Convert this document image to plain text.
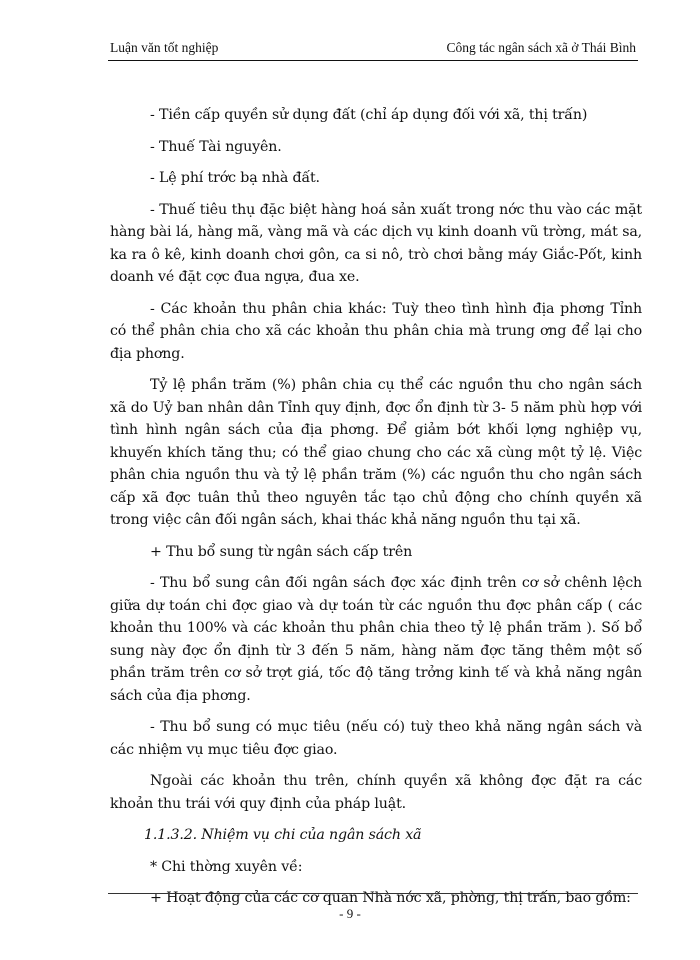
Luận văn tốt nghiệp	Công tác ngân sách xã ở Thái Bình

- Tiền cấp quyền sử dụng đất (chỉ áp dụng đối với xã, thị trấn)

- Thuế Tài nguyên.

- Lệ phí trớc bạ nhà đất.

- Thuế tiêu thụ đặc biệt hàng hoá sản xuất trong nớc thu vào các mặt hàng bài lá, hàng mã, vàng mã và các dịch vụ kinh doanh vũ trờng, mát sa, ka ra ô kê, kinh doanh chơi gôn, ca si nô, trò chơi bằng máy Giắc-Pốt, kinh doanh vé đặt cợc đua ngựa, đua xe.

- Các khoản thu phân chia khác: Tuỳ theo tình hình địa phơng Tỉnh có thể phân chia cho xã các khoản thu phân chia mà trung ơng để lại cho địa phơng.

Tỷ lệ phần trăm (%) phân chia cụ thể các nguồn thu cho ngân sách xã do Uỷ ban nhân dân Tỉnh quy định, đợc ổn định từ 3- 5 năm phù hợp với tình hình ngân sách của địa phơng. Để giảm bớt khối lợng nghiệp vụ, khuyến khích tăng thu; có thể giao chung cho các xã cùng một tỷ lệ. Việc phân chia nguồn thu và tỷ lệ phần trăm (%) các nguồn thu cho ngân sách cấp xã đợc tuân thủ theo nguyên tắc tạo chủ động cho chính quyền xã trong việc cân đối ngân sách, khai thác khả năng nguồn thu tại xã.

+ Thu bổ sung từ ngân sách cấp trên

- Thu bổ sung cân đối ngân sách đợc xác định trên cơ sở chênh lệch giữa dự toán chi đợc giao và dự toán từ các nguồn thu đợc phân cấp ( các khoản thu 100% và các khoản thu phân chia theo tỷ lệ phần trăm ). Số bổ sung này đợc ổn định từ 3 đến 5 năm, hàng năm đợc tăng thêm một số phần trăm trên cơ sở trợt giá, tốc độ tăng trởng kinh tế và khả năng ngân sách của địa phơng.

- Thu bổ sung có mục tiêu (nếu có) tuỳ theo khả năng ngân sách và các nhiệm vụ mục tiêu đợc giao.

Ngoài các khoản thu trên, chính quyền xã không đợc đặt ra các khoản thu trái với quy định của pháp luật.

1.1.3.2. Nhiệm vụ chi của ngân sách xã

* Chi thờng xuyên về:

+ Hoạt động của các cơ quan Nhà nớc xã, phờng, thị trấn, bao gồm:

- 9 -
